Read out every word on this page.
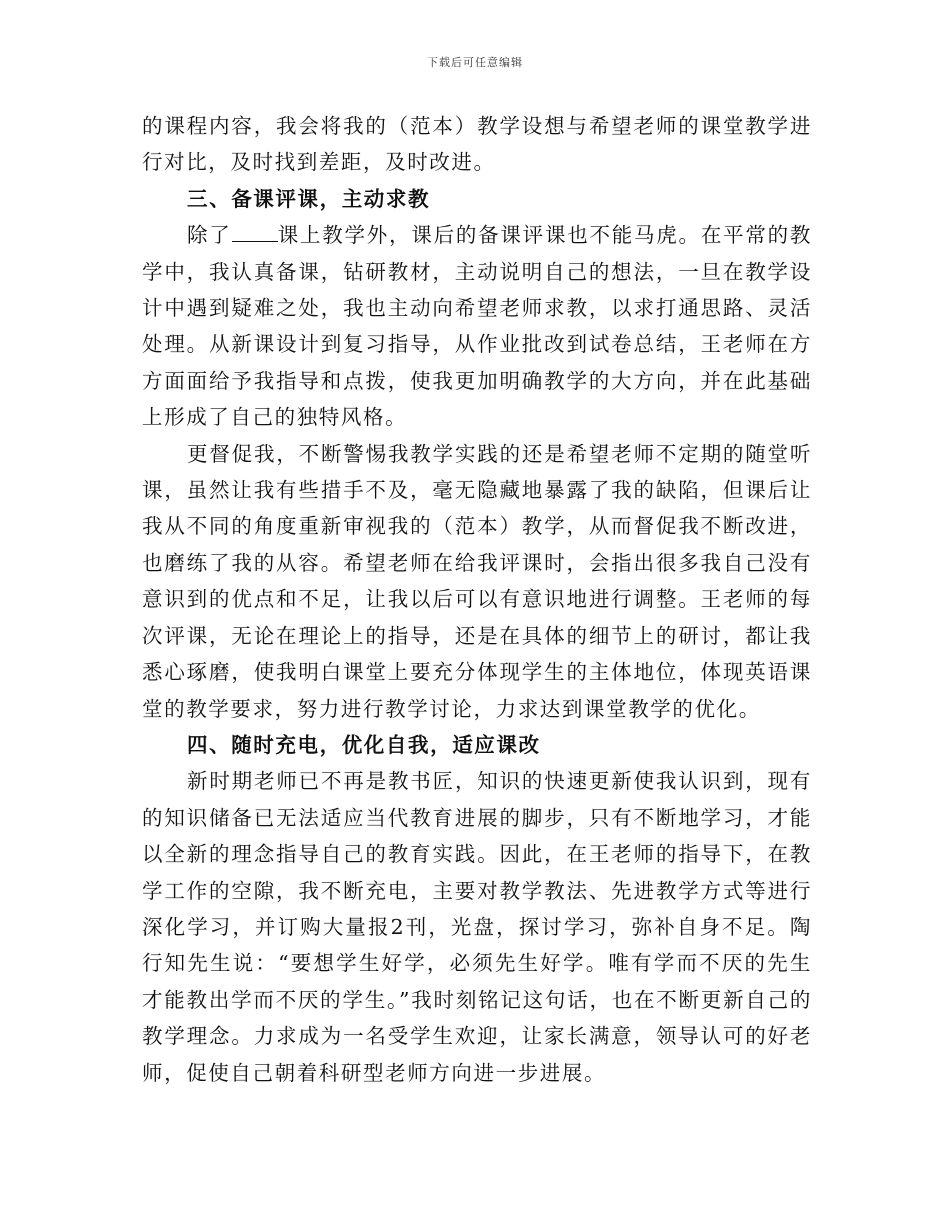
下载后可任意编辑

的课程内容，我会将我的（范本）教学设想与希望老师的课堂教学进行对比，及时找到差距，及时改进。

三、备课评课，主动求教

除了 课上教学外，课后的备课评课也不能马虎。在平常的教学中，我认真备课，钻研教材，主动说明自己的想法，一旦在教学设计中遇到疑难之处，我也主动向希望老师求教，以求打通思路、灵活处理。从新课设计到复习指导，从作业批改到试卷总结，王老师在方方面面给予我指导和点拨，使我更加明确教学的大方向，并在此基础上形成了自己的独特风格。

更督促我，不断警惕我教学实践的还是希望老师不定期的随堂听课，虽然让我有些措手不及，毫无隐藏地暴露了我的缺陷，但课后让我从不同的角度重新审视我的（范本）教学，从而督促我不断改进，也磨练了我的从容。希望老师在给我评课时，会指出很多我自己没有意识到的优点和不足，让我以后可以有意识地进行调整。王老师的每次评课，无论在理论上的指导，还是在具体的细节上的研讨，都让我悉心琢磨，使我明白课堂上要充分体现学生的主体地位，体现英语课堂的教学要求，努力进行教学讨论，力求达到课堂教学的优化。

四、随时充电，优化自我，适应课改

新时期老师已不再是教书匠，知识的快速更新使我认识到，现有的知识储备已无法适应当代教育进展的脚步，只有不断地学习，才能以全新的理念指导自己的教育实践。因此，在王老师的指导下，在教学工作的空隙，我不断充电，主要对教学教法、先进教学方式等进行深化学习，并订购大量报2刊，光盘，探讨学习，弥补自身不足。陶行知先生说：“要想学生好学，必须先生好学。唯有学而不厌的先生才能教出学而不厌的学生。”我时刻铭记这句话，也在不断更新自己的教学理念。力求成为一名受学生欢迎，让家长满意，领导认可的好老师，促使自己朝着科研型老师方向进一步进展。
